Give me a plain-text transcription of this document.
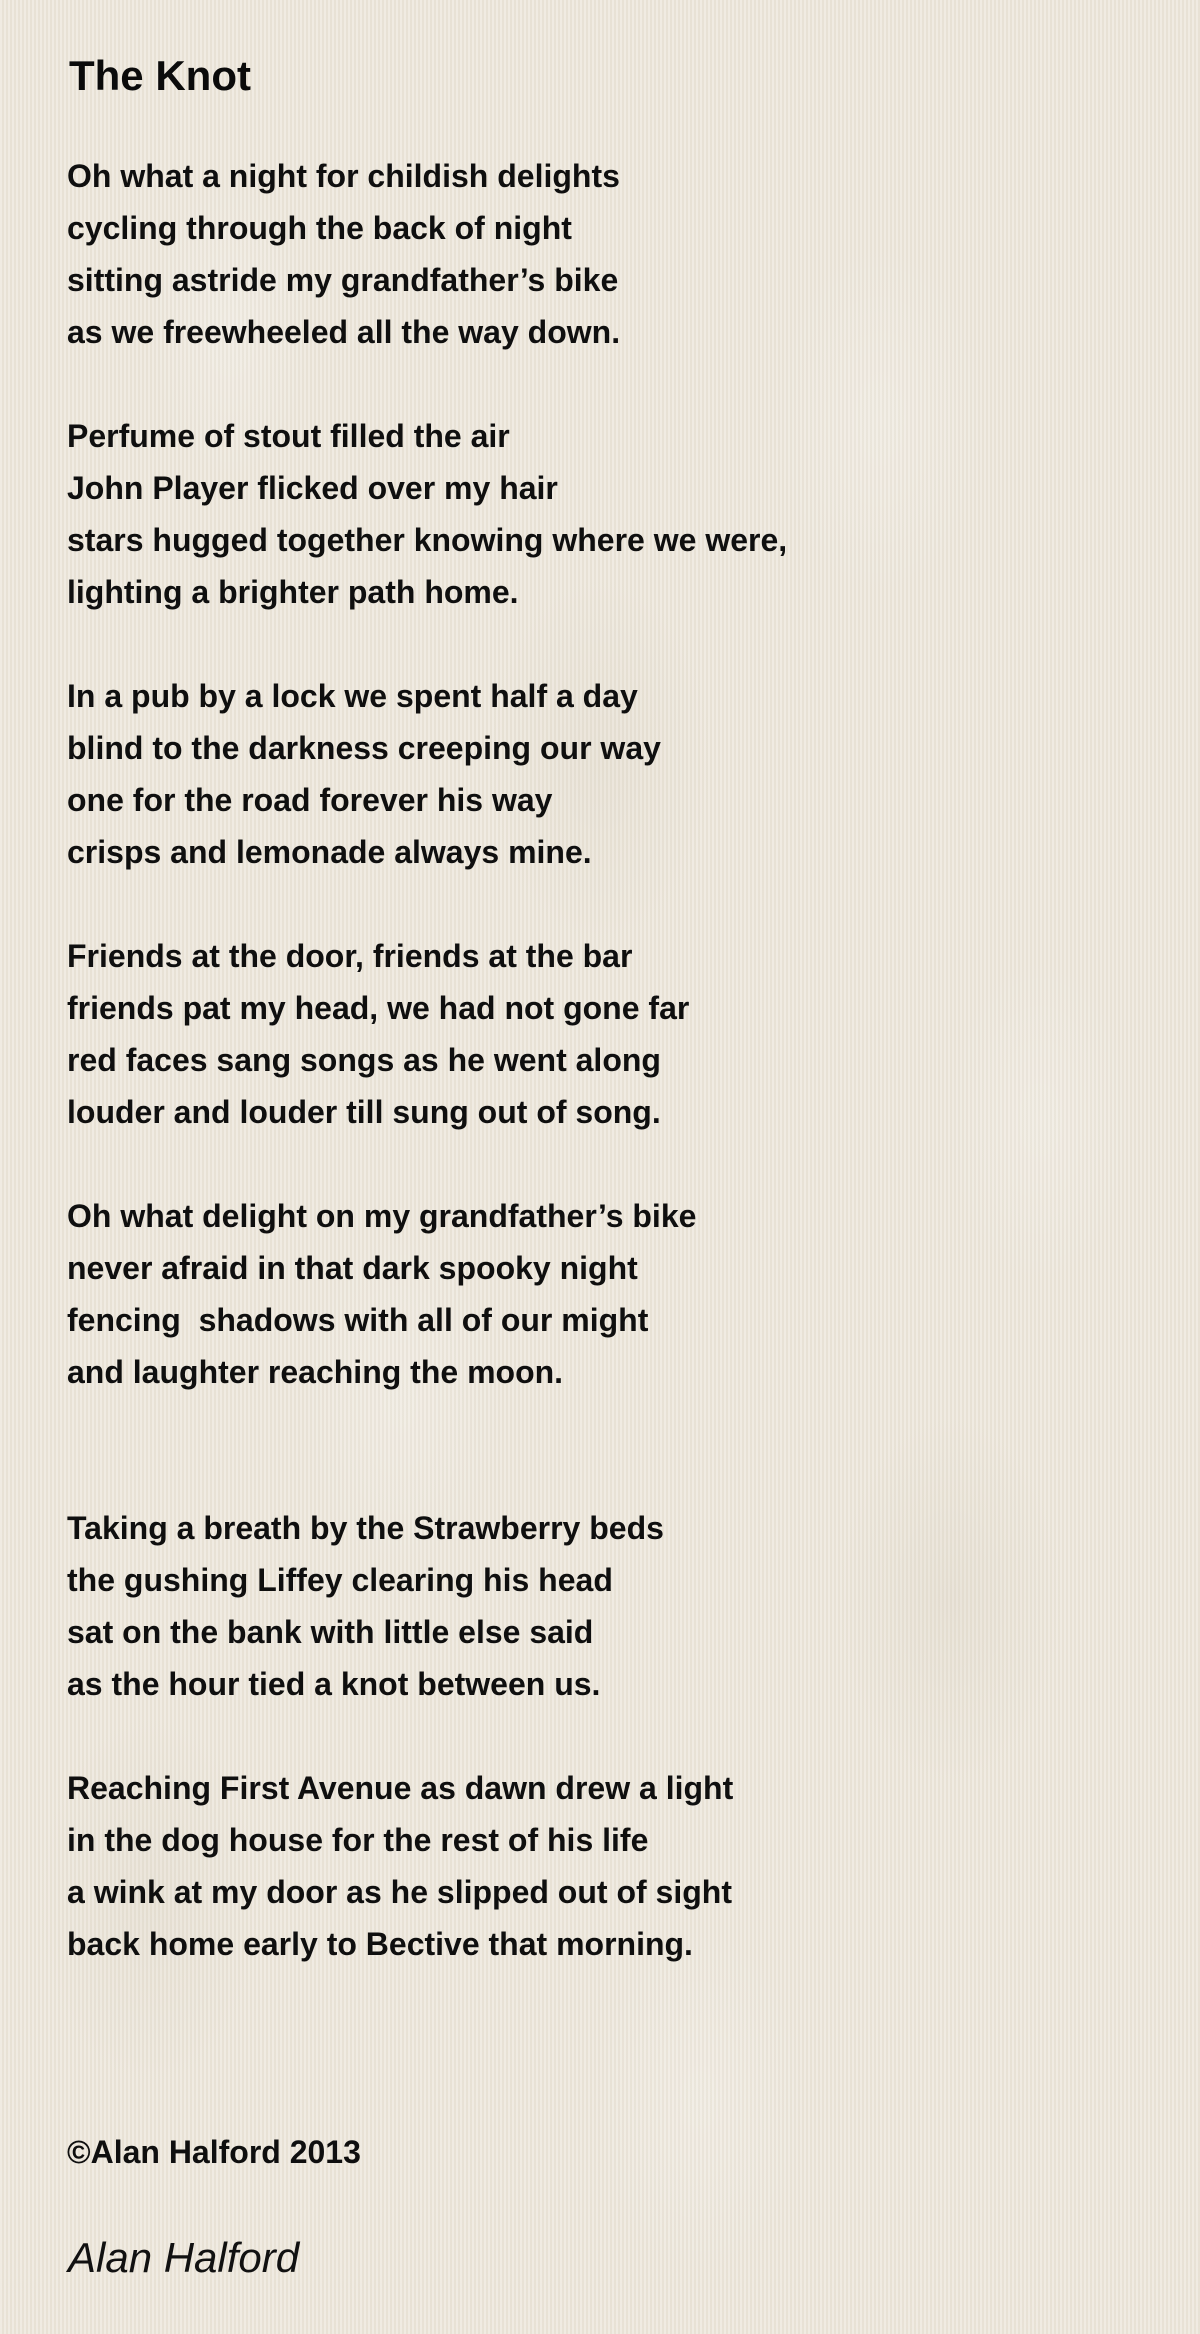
The Knot
Oh what a night for childish delights
cycling through the back of night
sitting astride my grandfather’s bike
as we freewheeled all the way down.
Perfume of stout filled the air
John Player flicked over my hair
stars hugged together knowing where we were,
lighting a brighter path home.
In a pub by a lock we spent half a day
blind to the darkness creeping our way
one for the road forever his way
crisps and lemonade always mine.
Friends at the door, friends at the bar
friends pat my head, we had not gone far
red faces sang songs as he went along
louder and louder till sung out of song.
Oh what delight on my grandfather’s bike
never afraid in that dark spooky night
fencing  shadows with all of our might
and laughter reaching the moon.
Taking a breath by the Strawberry beds
the gushing Liffey clearing his head
sat on the bank with little else said
as the hour tied a knot between us.
Reaching First Avenue as dawn drew a light
in the dog house for the rest of his life
a wink at my door as he slipped out of sight
back home early to Bective that morning.
©Alan Halford 2013
Alan Halford
